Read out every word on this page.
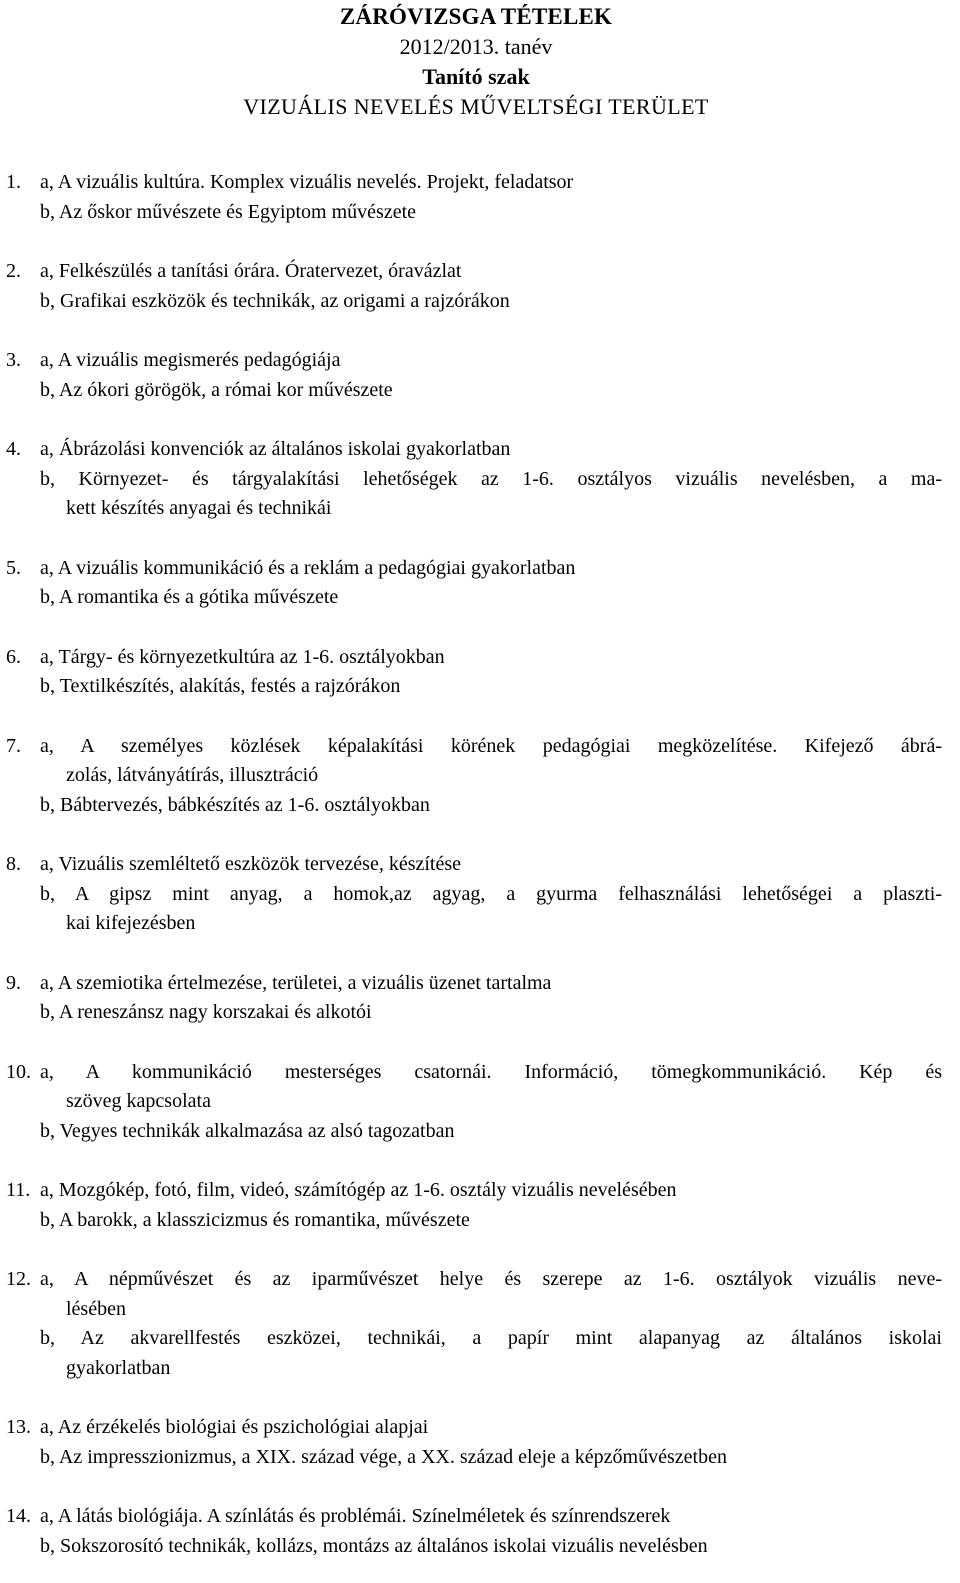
ZÁRÓVIZSGA TÉTELEK
2012/2013. tanév
Tanító szak
VIZUÁLIS NEVELÉS MŰVELTSÉGI TERÜLET
1. a, A vizuális kultúra. Komplex vizuális nevelés. Projekt, feladatsor
b, Az őskor művészete és Egyiptom művészete
2. a, Felkészülés a tanítási órára. Óratervezet, óravázlat
b, Grafikai eszközök és technikák, az origami a rajzórákon
3. a, A vizuális megismerés pedagógiája
b, Az ókori görögök, a római kor művészete
4. a, Ábrázolási konvenciók az általános iskolai gyakorlatban
b, Környezet- és tárgyalakítási lehetőségek az 1-6. osztályos vizuális nevelésben, a ma-
kett készítés anyagai és technikái
5. a, A vizuális kommunikáció és a reklám a pedagógiai gyakorlatban
b, A romantika és a gótika művészete
6. a, Tárgy- és környezetkultúra az 1-6. osztályokban
b, Textilkészítés, alakítás, festés a rajzórákon
7. a, A személyes közlések képalakítási körének pedagógiai megközelítése. Kifejező ábrá-
zolás, látványátírás, illusztráció
b, Bábtervezés, bábkészítés az 1-6. osztályokban
8. a, Vizuális szemléltető eszközök tervezése, készítése
b, A gipsz mint anyag, a homok,az agyag, a gyurma felhasználási lehetőségei a plaszti-
kai kifejezésben
9. a, A szemiotika értelmezése, területei, a vizuális üzenet tartalma
b, A reneszánsz nagy korszakai és alkotói
10. a, A kommunikáció mesterséges csatornái. Információ, tömegkommunikáció. Kép és
szöveg kapcsolata
b, Vegyes technikák alkalmazása az alsó tagozatban
11. a, Mozgókép, fotó, film, videó, számítógép az 1-6. osztály vizuális nevelésében
b, A barokk, a klasszicizmus és romantika, művészete
12. a, A népművészet és az iparművészet helye és szerepe az 1-6. osztályok vizuális neve-
lésében
b, Az akvarellfestés eszközei, technikái, a papír mint alapanyag az általános iskolai
gyakorlatban
13. a, Az érzékelés biológiai és pszichológiai alapjai
b, Az impresszionizmus, a XIX. század vége, a XX. század eleje a képzőművészetben
14. a, A látás biológiája. A színlátás és problémái. Színelméletek és színrendszerek
b, Sokszorosító technikák, kollázs, montázs az általános iskolai vizuális nevelésben
